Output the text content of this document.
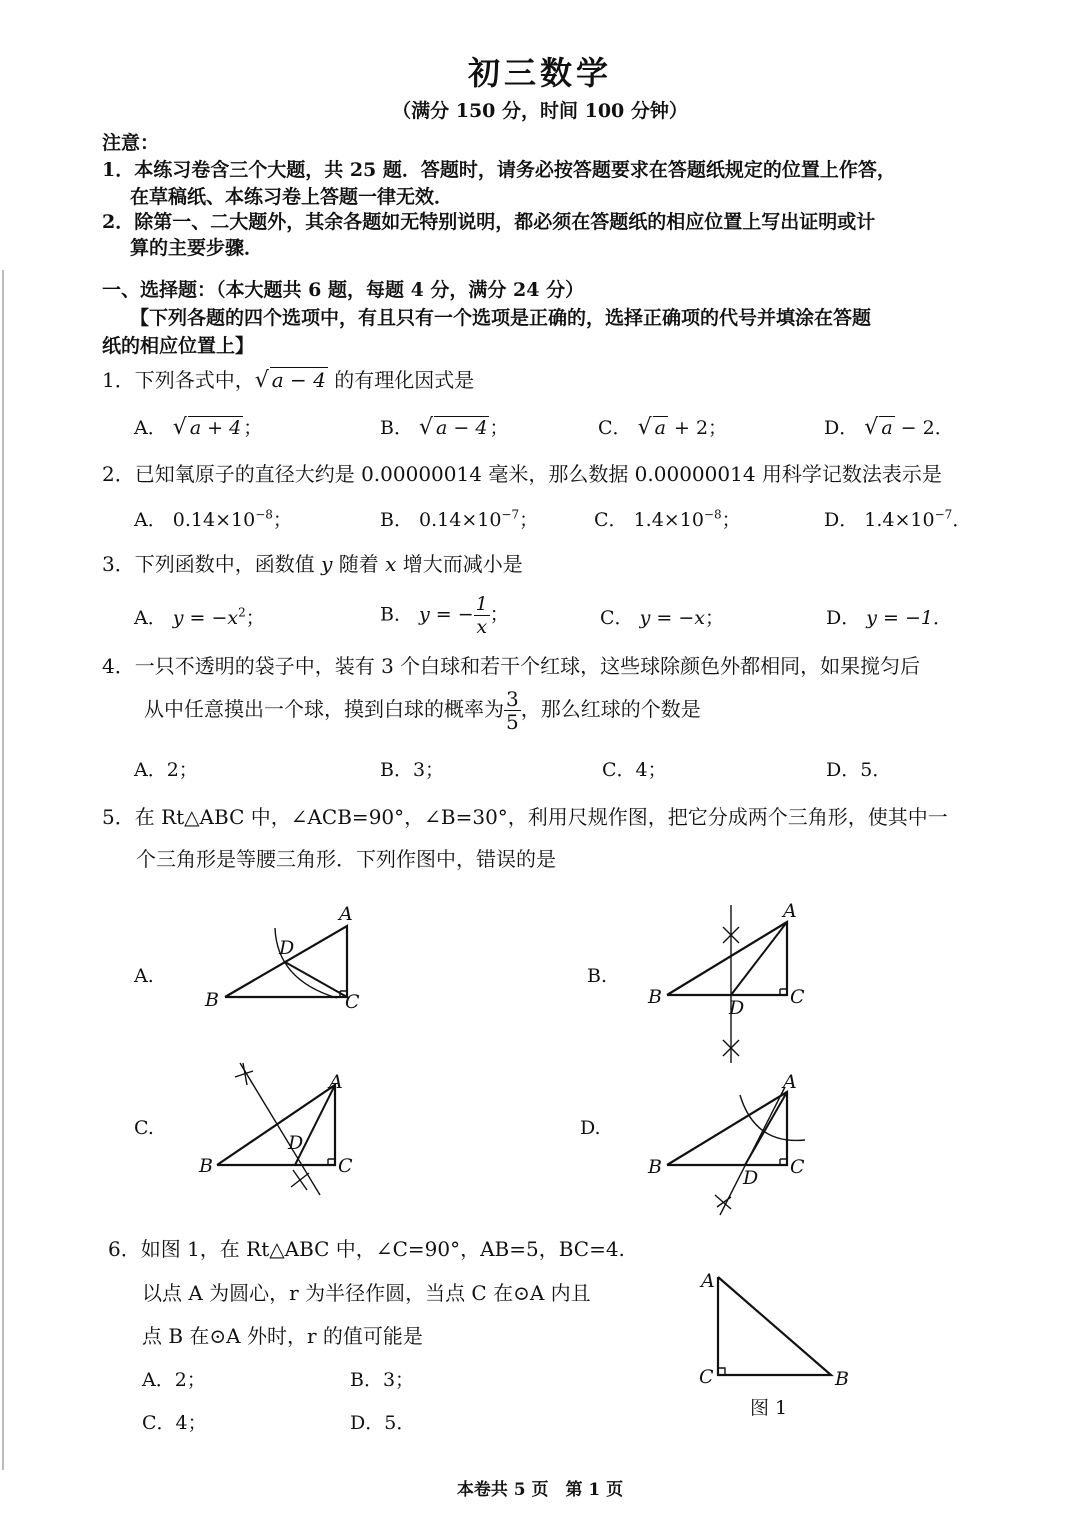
初三数学
（满分 150 分，时间 100 分钟）
注意：
1．本练习卷含三个大题，共 25 题．答题时，请务必按答题要求在答题纸规定的位置上作答，
在草稿纸、本练习卷上答题一律无效．
2．除第一、二大题外，其余各题如无特别说明，都必须在答题纸的相应位置上写出证明或计
算的主要步骤．
一、选择题：（本大题共 6 题，每题 4 分，满分 24 分）
【下列各题的四个选项中，有且只有一个选项是正确的，选择正确项的代号并填涂在答题
纸的相应位置上】
1．下列各式中，√ a − 4 的有理化因式是
A． √ a + 4 ；	B． √ a − 4 ；	C． √ a + 2；	D． √ a − 2．
2．已知氧原子的直径大约是 0.00000014 毫米，那么数据 0.00000014 用科学记数法表示是
A． $0.14\times 10^{-8}$；	B． $0.14\times 10^{-7}$；	C． $1.4\times 10^{-8}$；	D． $1.4\times 10^{-7}$．
3．下列函数中，函数值 y 随着 x 增大而减小是
A． $y = -x^2$；	B． y = − $\frac{1}{x}$ ；	C． y = −x；	D． y = −1．
4．一只不透明的袋子中，装有 3 个白球和若干个红球，这些球除颜色外都相同，如果搅匀后
从中任意摸出一个球，摸到白球的概率为 $\frac{3}{5}$ ，那么红球的个数是
A．2；	B．3；	C．4；	D．5．
5．在 Rt△ABC 中，∠ACB=90°，∠B=30°，利用尺规作图，把它分成两个三角形，使其中一
个三角形是等腰三角形．下列作图中，错误的是
A.	B.
C.	D.
A
B	C
D
A
B	C
D
A
B	C
D
A
B	C
D
6．如图 1，在 Rt△ABC 中，∠C=90°，AB=5，BC=4.
以点 A 为圆心，r 为半径作圆，当点 C 在⊙A 内且
点 B 在⊙A 外时，r 的值可能是
A．2；	B．3；
C．4；	D．5．
A
C	B
图 1
本卷共 5 页　第 1 页
